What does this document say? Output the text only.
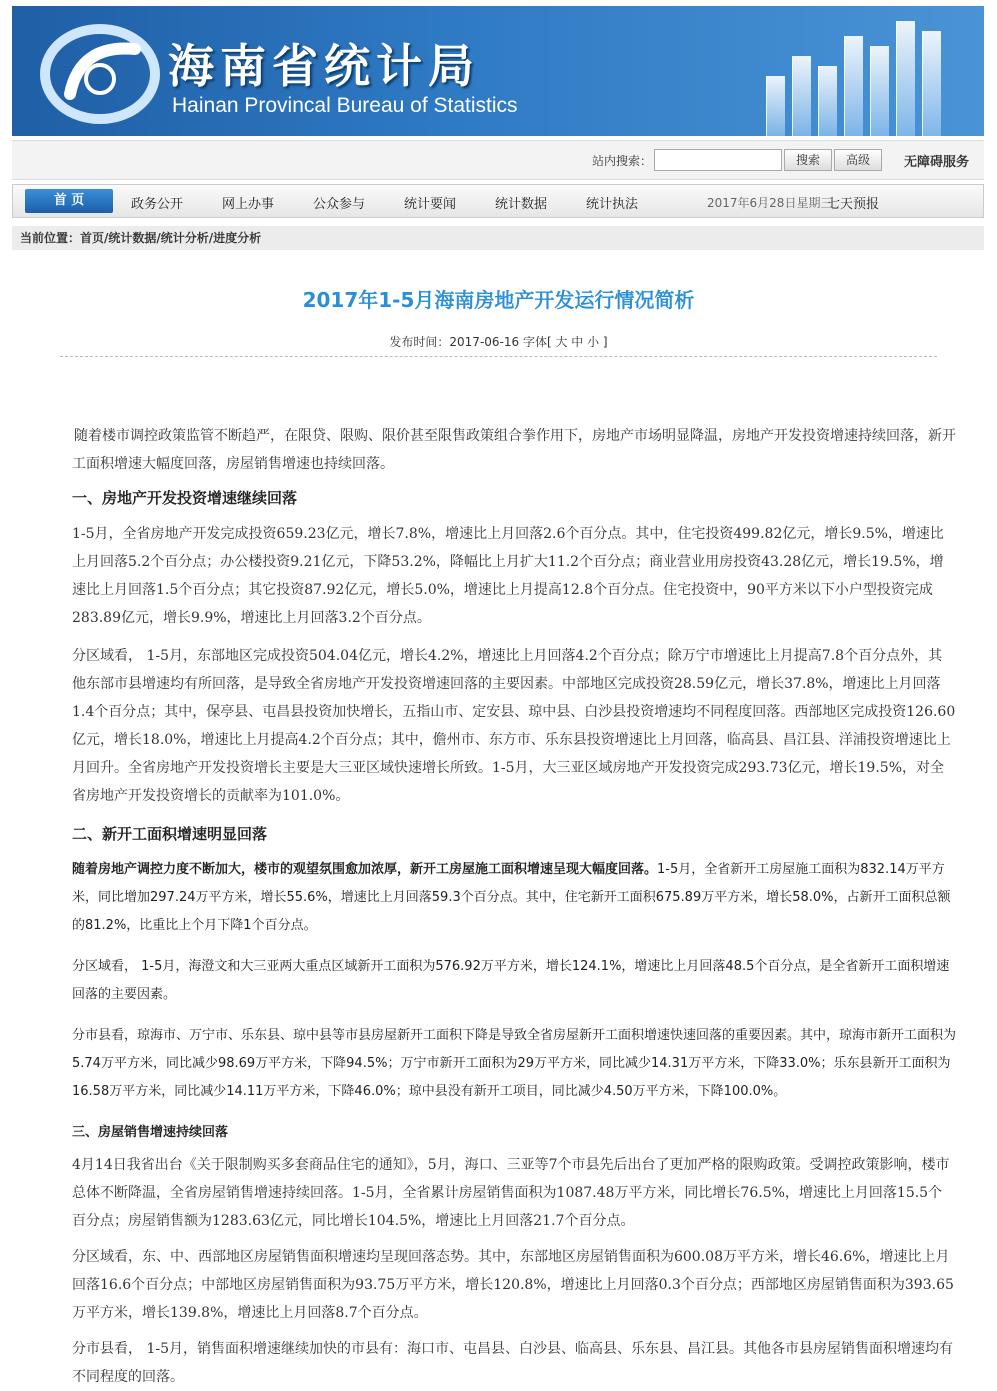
海南省统计局
Hainan Provincal Bureau of Statistics
站内搜索：	搜索	高级	无障碍服务
首 页	政务公开	网上办事	公众参与	统计要闻	统计数据	统计执法	2017年6月28日星期三
七天预报
当前位置：首页/统计数据/统计分析/进度分析
2017年1-5月海南房地产开发运行情况简析
发布时间：2017-06-16 字体[ 大 中 小 ]

随着楼市调控政策监管不断趋严，在限贷、限购、限价甚至限售政策组合拳作用下，房地产市场明显降温，房地产开发投资增速持续回落，新开工面积增速大幅度回落，房屋销售增速也持续回落。

一、房地产开发投资增速继续回落

1-5月，全省房地产开发完成投资659.23亿元，增长7.8%，增速比上月回落2.6个百分点。其中，住宅投资499.82亿元，增长9.5%，增速比上月回落5.2个百分点；办公楼投资9.21亿元，下降53.2%，降幅比上月扩大11.2个百分点；商业营业用房投资43.28亿元，增长19.5%，增速比上月回落1.5个百分点；其它投资87.92亿元，增长5.0%，增速比上月提高12.8个百分点。住宅投资中，90平方米以下小户型投资完成283.89亿元，增长9.9%，增速比上月回落3.2个百分点。

分区域看， 1-5月，东部地区完成投资504.04亿元，增长4.2%，增速比上月回落4.2个百分点；除万宁市增速比上月提高7.8个百分点外，其他东部市县增速均有所回落，是导致全省房地产开发投资增速回落的主要因素。中部地区完成投资28.59亿元，增长37.8%，增速比上月回落1.4个百分点；其中，保亭县、屯昌县投资加快增长，五指山市、定安县、琼中县、白沙县投资增速均不同程度回落。西部地区完成投资126.60亿元，增长18.0%，增速比上月提高4.2个百分点；其中，儋州市、东方市、乐东县投资增速比上月回落，临高县、昌江县、洋浦投资增速比上月回升。全省房地产开发投资增长主要是大三亚区域快速增长所致。1-5月，大三亚区域房地产开发投资完成293.73亿元，增长19.5%，对全省房地产开发投资增长的贡献率为101.0%。

二、新开工面积增速明显回落

随着房地产调控力度不断加大，楼市的观望氛围愈加浓厚，新开工房屋施工面积增速呈现大幅度回落。1-5月，全省新开工房屋施工面积为832.14万平方米，同比增加297.24万平方米，增长55.6%，增速比上月回落59.3个百分点。其中，住宅新开工面积675.89万平方米，增长58.0%，占新开工面积总额的81.2%，比重比上个月下降1个百分点。

分区域看， 1-5月，海澄文和大三亚两大重点区域新开工面积为576.92万平方米，增长124.1%，增速比上月回落48.5个百分点，是全省新开工面积增速回落的主要因素。

分市县看，琼海市、万宁市、乐东县、琼中县等市县房屋新开工面积下降是导致全省房屋新开工面积增速快速回落的重要因素。其中，琼海市新开工面积为5.74万平方米，同比减少98.69万平方米，下降94.5%；万宁市新开工面积为29万平方米，同比减少14.31万平方米，下降33.0%；乐东县新开工面积为16.58万平方米，同比减少14.11万平方米，下降46.0%；琼中县没有新开工项目，同比减少4.50万平方米，下降100.0%。

三、房屋销售增速持续回落

4月14日我省出台《关于限制购买多套商品住宅的通知》，5月，海口、三亚等7个市县先后出台了更加严格的限购政策。受调控政策影响，楼市总体不断降温，全省房屋销售增速持续回落。1-5月，全省累计房屋销售面积为1087.48万平方米，同比增长76.5%，增速比上月回落15.5个百分点；房屋销售额为1283.63亿元，同比增长104.5%，增速比上月回落21.7个百分点。

分区域看，东、中、西部地区房屋销售面积增速均呈现回落态势。其中，东部地区房屋销售面积为600.08万平方米，增长46.6%，增速比上月回落16.6个百分点；中部地区房屋销售面积为93.75万平方米，增长120.8%，增速比上月回落0.3个百分点；西部地区房屋销售面积为393.65万平方米，增长139.8%，增速比上月回落8.7个百分点。

分市县看， 1-5月，销售面积增速继续加快的市县有：海口市、屯昌县、白沙县、临高县、乐东县、昌江县。其他各市县房屋销售面积增速均有不同程度的回落。
